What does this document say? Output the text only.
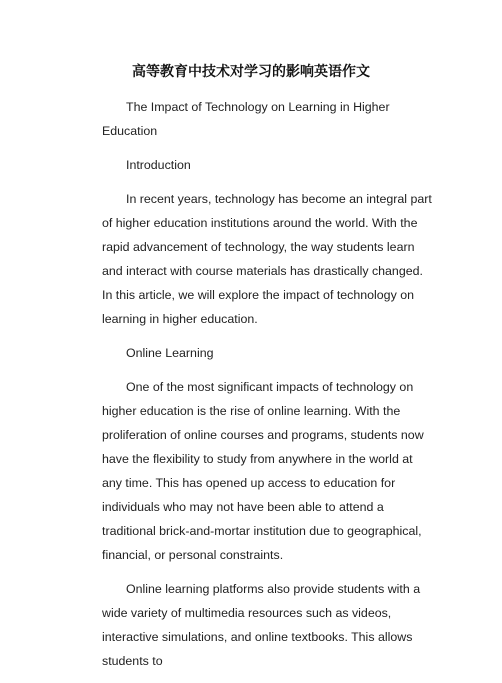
高等教育中技术对学习的影响英语作文

The Impact of Technology on Learning in Higher Education

Introduction

In recent years, technology has become an integral part of higher education institutions around the world. With the rapid advancement of technology, the way students learn and interact with course materials has drastically changed. In this article, we will explore the impact of technology on learning in higher education.

Online Learning

One of the most significant impacts of technology on higher education is the rise of online learning. With the proliferation of online courses and programs, students now have the flexibility to study from anywhere in the world at any time. This has opened up access to education for individuals who may not have been able to attend a traditional brick-and-mortar institution due to geographical, financial, or personal constraints.

Online learning platforms also provide students with a wide variety of multimedia resources such as videos, interactive simulations, and online textbooks. This allows students to
